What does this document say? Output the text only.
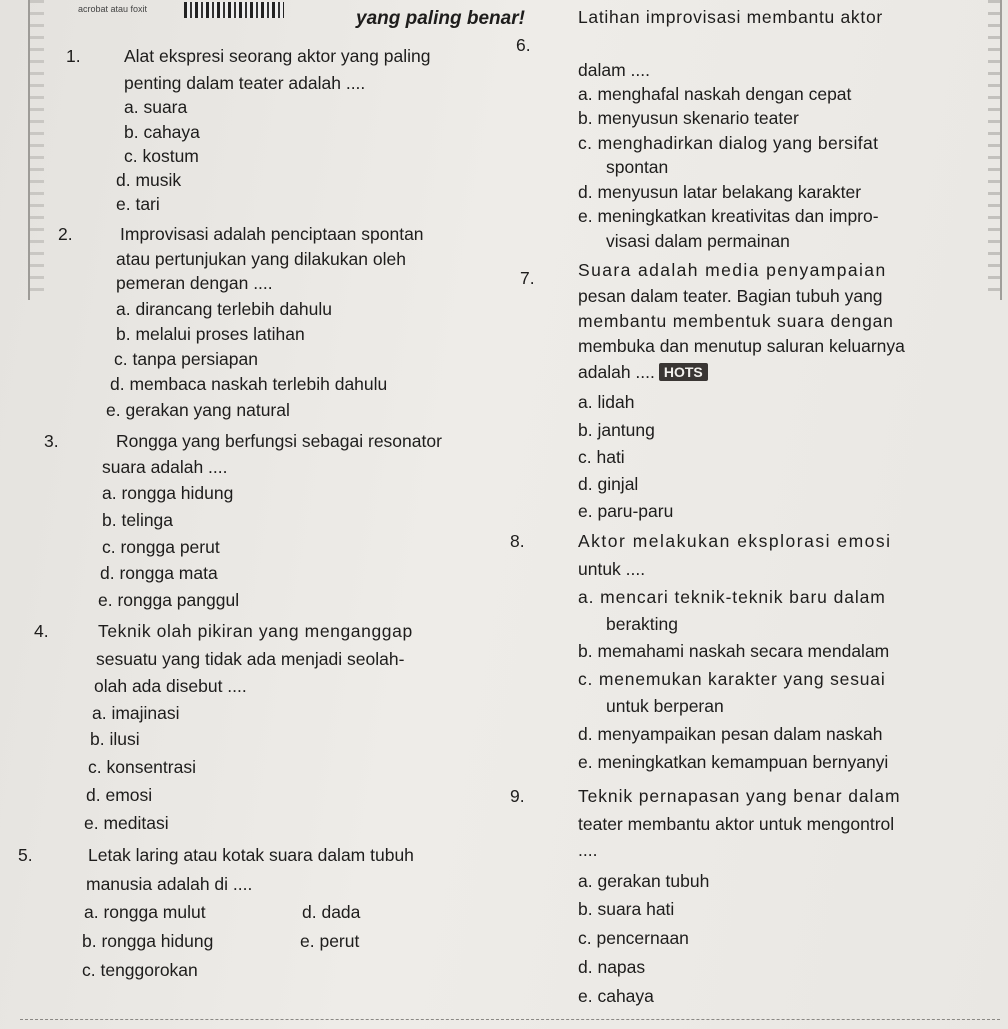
acrobat atau foxit	yang paling benar!
1. Alat ekspresi seorang aktor yang paling
penting dalam teater adalah ....
a. suara
b. cahaya
c. kostum
d. musik
e. tari
2.	Improvisasi adalah penciptaan spontan
atau pertunjukan yang dilakukan oleh
pemeran dengan ....
a. dirancang terlebih dahulu
b. melalui proses latihan
c. tanpa persiapan
d. membaca naskah terlebih dahulu
e. gerakan yang natural
3.	Rongga yang berfungsi sebagai resonator
suara adalah ....
a. rongga hidung
b. telinga
c. rongga perut
d. rongga mata
e. rongga panggul
4.	Teknik olah pikiran yang menganggap
sesuatu yang tidak ada menjadi seolah-
olah ada disebut ....
a. imajinasi
b. ilusi
c. konsentrasi
d. emosi
e. meditasi
5.	Letak laring atau kotak suara dalam tubuh
manusia adalah di ....
a. rongga mulut	d. dada
b. rongga hidung	e. perut
c. tenggorokan
6.
Latihan improvisasi membantu aktor
dalam ....
a. menghafal naskah dengan cepat
b. menyusun skenario teater
c. menghadirkan dialog yang bersifat
spontan
d. menyusun latar belakang karakter
e. meningkatkan kreativitas dan impro-
visasi dalam permainan
7. Suara adalah media penyampaian
pesan dalam teater. Bagian tubuh yang
membantu membentuk suara dengan
membuka dan menutup saluran keluarnya
adalah .... HOTS
a. lidah
b. jantung
c. hati
d. ginjal
e. paru-paru
8.	Aktor melakukan eksplorasi emosi
untuk ....
a. mencari teknik-teknik baru dalam
berakting
b. memahami naskah secara mendalam
c. menemukan karakter yang sesuai
untuk berperan
d. menyampaikan pesan dalam naskah
e. meningkatkan kemampuan bernyanyi
9.	Teknik pernapasan yang benar dalam
teater membantu aktor untuk mengontrol
....
a. gerakan tubuh
b. suara hati
c. pencernaan
d. napas
e. cahaya
